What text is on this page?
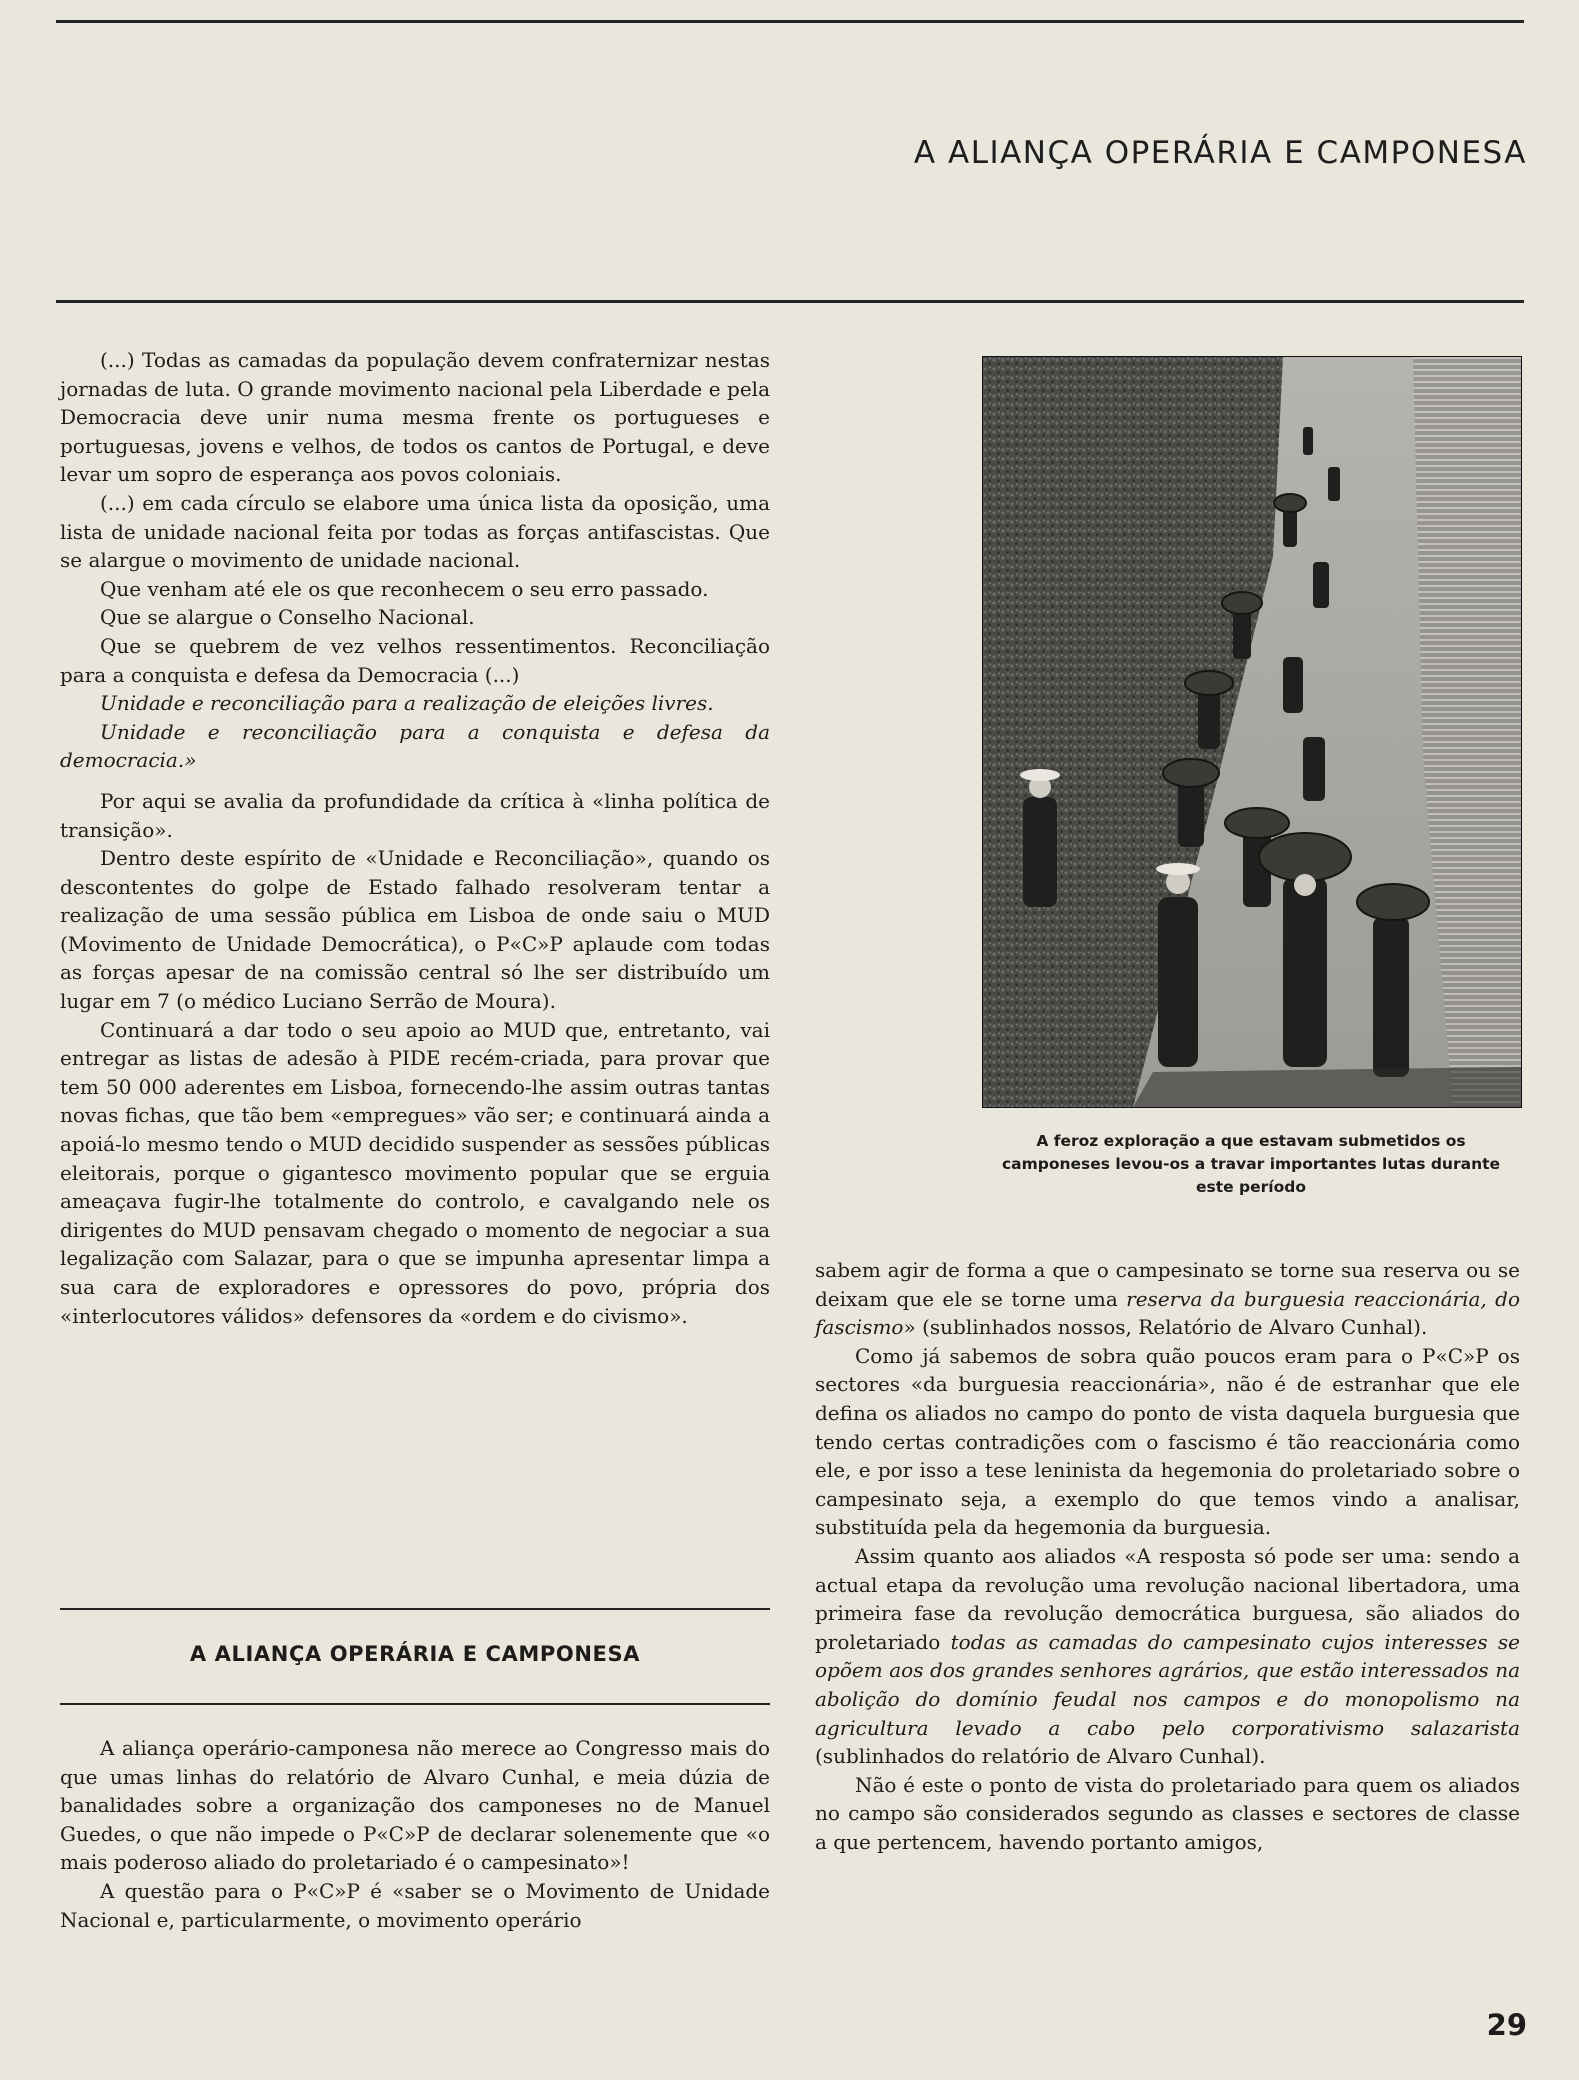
A ALIANÇA OPERÁRIA E CAMPONESA

(...) Todas as camadas da população devem confraternizar nestas jornadas de luta. O grande movimento nacional pela Liberdade e pela Democracia deve unir numa mesma frente os portugueses e portuguesas, jovens e velhos, de todos os cantos de Portugal, e deve levar um sopro de esperança aos povos coloniais.

(...) em cada círculo se elabore uma única lista da oposição, uma lista de unidade nacional feita por todas as forças antifascistas. Que se alargue o movimento de unidade nacional.

Que venham até ele os que reconhecem o seu erro passado.

Que se alargue o Conselho Nacional.

Que se quebrem de vez velhos ressentimentos. Reconciliação para a conquista e defesa da Democracia (...)

Unidade e reconciliação para a realização de eleições livres.

Unidade e reconciliação para a conquista e defesa da democracia.»

Por aqui se avalia da profundidade da crítica à «linha política de transição».

Dentro deste espírito de «Unidade e Reconciliação», quando os descontentes do golpe de Estado falhado resolveram tentar a realização de uma sessão pública em Lisboa de onde saiu o MUD (Movimento de Unidade Democrática), o P«C»P aplaude com todas as forças apesar de na comissão central só lhe ser distribuído um lugar em 7 (o médico Luciano Serrão de Moura).

Continuará a dar todo o seu apoio ao MUD que, entretanto, vai entregar as listas de adesão à PIDE recém-criada, para provar que tem 50 000 aderentes em Lisboa, fornecendo-lhe assim outras tantas novas fichas, que tão bem «empregues» vão ser; e continuará ainda a apoiá-lo mesmo tendo o MUD decidido suspender as sessões públicas eleitorais, porque o gigantesco movimento popular que se erguia ameaçava fugir-lhe totalmente do controlo, e cavalgando nele os dirigentes do MUD pensavam chegado o momento de negociar a sua legalização com Salazar, para o que se impunha apresentar limpa a sua cara de exploradores e opressores do povo, própria dos «interlocutores válidos» defensores da «ordem e do civismo».

A ALIANÇA OPERÁRIA E CAMPONESA

A aliança operário-camponesa não merece ao Congresso mais do que umas linhas do relatório de Alvaro Cunhal, e meia dúzia de banalidades sobre a organização dos camponeses no de Manuel Guedes, o que não impede o P«C»P de declarar solenemente que «o mais poderoso aliado do proletariado é o campesinato»!

A questão para o P«C»P é «saber se o Movimento de Unidade Nacional e, particularmente, o movimento operário

A feroz exploração a que estavam submetidos os camponeses levou-os a travar importantes lutas durante este período

sabem agir de forma a que o campesinato se torne sua reserva ou se deixam que ele se torne uma reserva da burguesia reaccionária, do fascismo» (sublinhados nossos, Relatório de Alvaro Cunhal).

Como já sabemos de sobra quão poucos eram para o P«C»P os sectores «da burguesia reaccionária», não é de estranhar que ele defina os aliados no campo do ponto de vista daquela burguesia que tendo certas contradições com o fascismo é tão reaccionária como ele, e por isso a tese leninista da hegemonia do proletariado sobre o campesinato seja, a exemplo do que temos vindo a analisar, substituída pela da hegemonia da burguesia.

Assim quanto aos aliados «A resposta só pode ser uma: sendo a actual etapa da revolução uma revolução nacional libertadora, uma primeira fase da revolução democrática burguesa, são aliados do proletariado todas as camadas do campesinato cujos interesses se opõem aos dos grandes senhores agrários, que estão interessados na abolição do domínio feudal nos campos e do monopolismo na agricultura levado a cabo pelo corporativismo salazarista (sublinhados do relatório de Alvaro Cunhal).

Não é este o ponto de vista do proletariado para quem os aliados no campo são considerados segundo as classes e sectores de classe a que pertencem, havendo portanto amigos,

29
